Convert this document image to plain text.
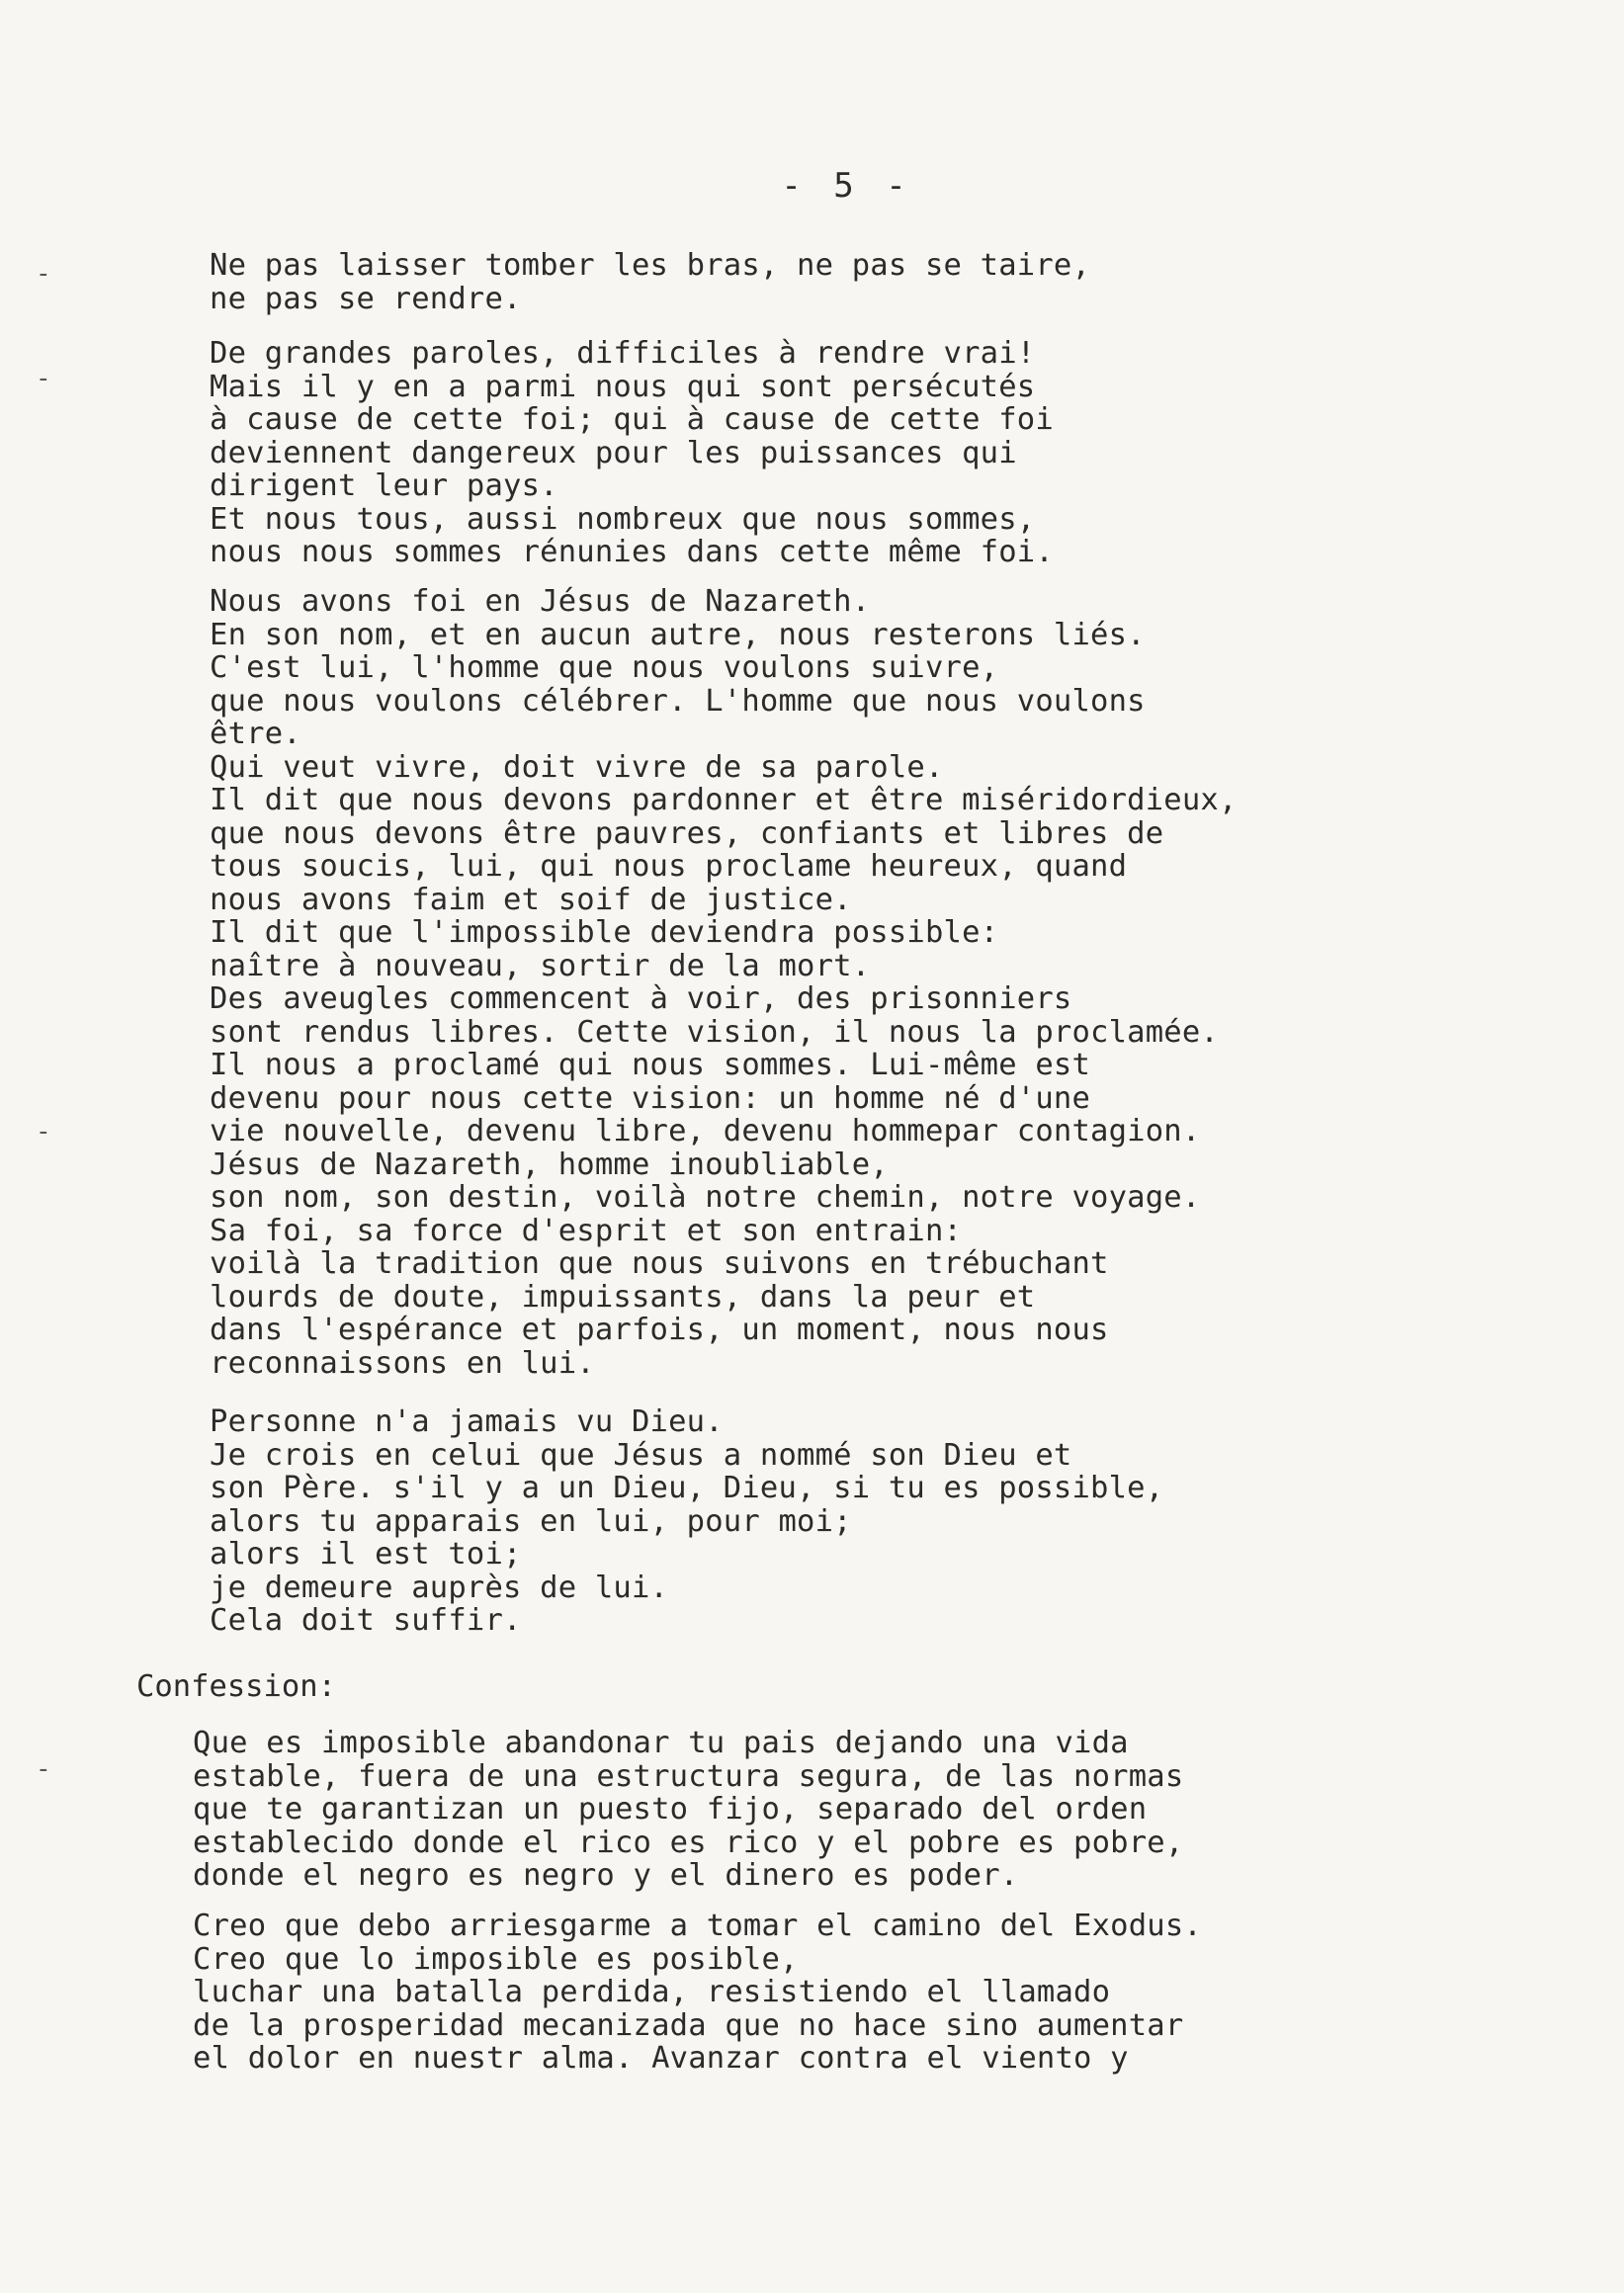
- 5 -
-
-
-
-
Ne pas laisser tomber les bras, ne pas se taire,
ne pas se rendre.
De grandes paroles, difficiles à rendre vrai!
Mais il y en a parmi nous qui sont persécutés
à cause de cette foi; qui à cause de cette foi
deviennent dangereux pour les puissances qui
dirigent leur pays.
Et nous tous, aussi nombreux que nous sommes,
nous nous sommes rénunies dans cette même foi.
Nous avons foi en Jésus de Nazareth.
En son nom, et en aucun autre, nous resterons liés.
C'est lui, l'homme que nous voulons suivre,
que nous voulons célébrer. L'homme que nous voulons
être.
Qui veut vivre, doit vivre de sa parole.
Il dit que nous devons pardonner et être miséridordieux,
que nous devons être pauvres, confiants et libres de
tous soucis, lui, qui nous proclame heureux, quand
nous avons faim et soif de justice.
Il dit que l'impossible deviendra possible:
naître à nouveau, sortir de la mort.
Des aveugles commencent à voir, des prisonniers
sont rendus libres. Cette vision, il nous la proclamée.
Il nous a proclamé qui nous sommes. Lui-même est
devenu pour nous cette vision: un homme né d'une
vie nouvelle, devenu libre, devenu hommepar contagion.
Jésus de Nazareth, homme inoubliable,
son nom, son destin, voilà notre chemin, notre voyage.
Sa foi, sa force d'esprit et son entrain:
voilà la tradition que nous suivons en trébuchant
lourds de doute, impuissants, dans la peur et
dans l'espérance et parfois, un moment, nous nous
reconnaissons en lui.
Personne n'a jamais vu Dieu.
Je crois en celui que Jésus a nommé son Dieu et
son Père. s'il y a un Dieu, Dieu, si tu es possible,
alors tu apparais en lui, pour moi;
alors il est toi;
je demeure auprès de lui.
Cela doit suffir.
Confession:
Que es imposible abandonar tu pais dejando una vida
estable, fuera de una estructura segura, de las normas
que te garantizan un puesto fijo, separado del orden
establecido donde el rico es rico y el pobre es pobre,
donde el negro es negro y el dinero es poder.
Creo que debo arriesgarme a tomar el camino del Exodus.
Creo que lo imposible es posible,
luchar una batalla perdida, resistiendo el llamado
de la prosperidad mecanizada que no hace sino aumentar
el dolor en nuestr alma. Avanzar contra el viento y
